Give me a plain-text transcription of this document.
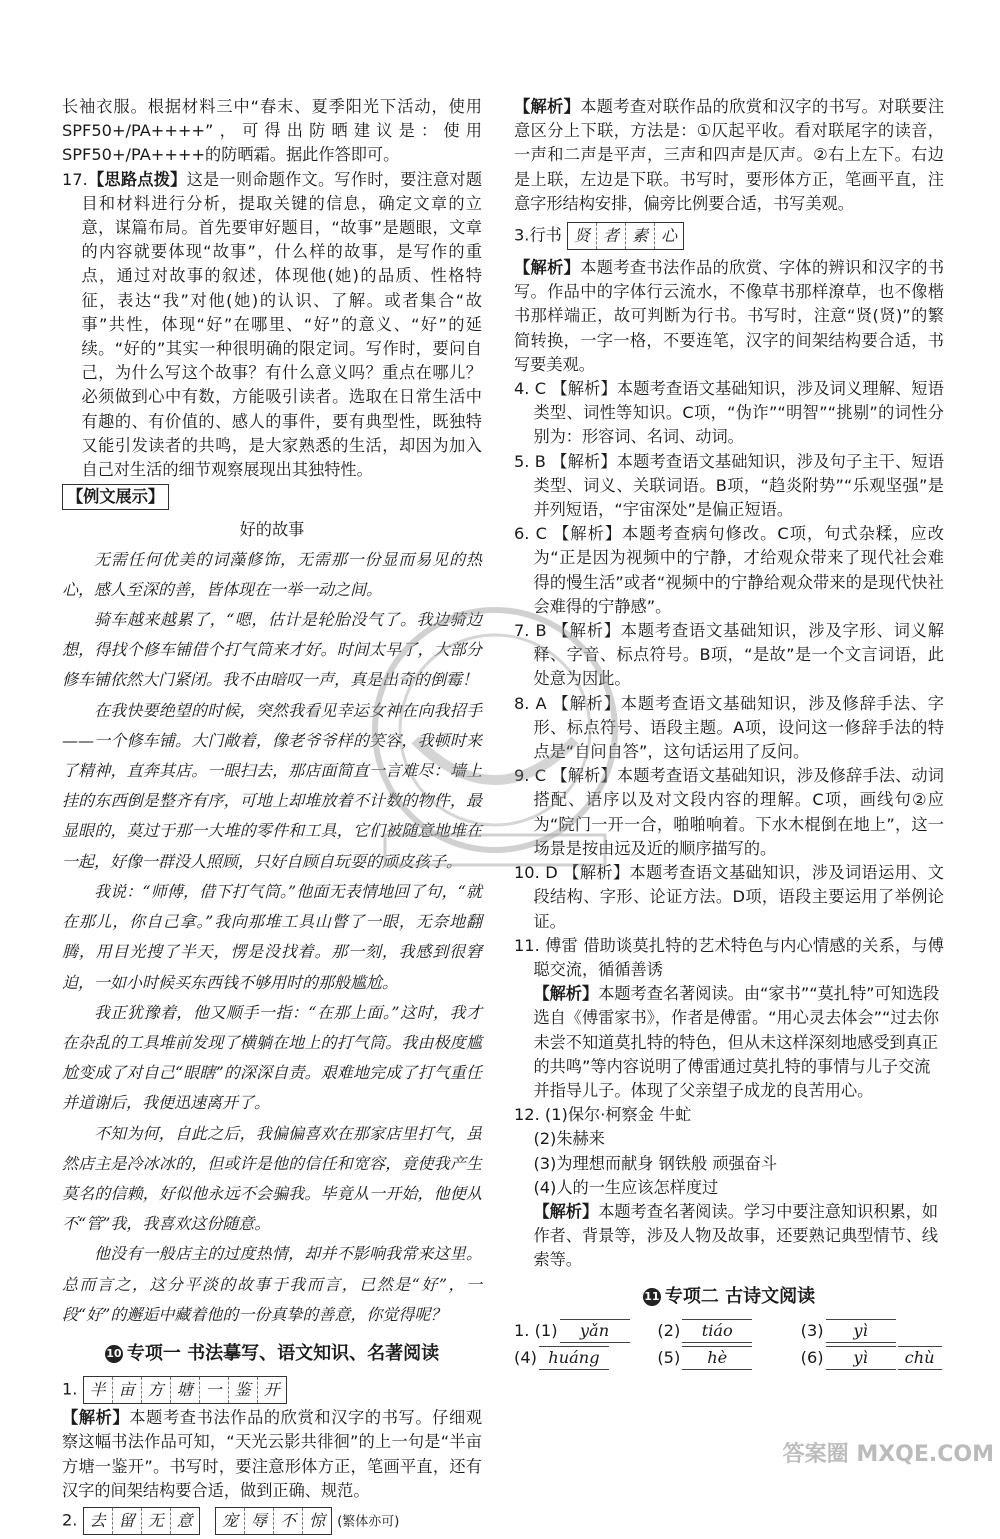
长袖衣服。根据材料三中“春末、夏季阳光下活动，使用SPF50+/PA++++”，可得出防晒建议是：使用SPF50+/PA++++的防晒霜。据此作答即可。

17.【思路点拨】这是一则命题作文。写作时，要注意对题目和材料进行分析，提取关键的信息，确定文章的立意，谋篇布局。首先要审好题目，“故事”是题眼，文章的内容就要体现“故事”，什么样的故事，是写作的重点，通过对故事的叙述，体现他(她)的品质、性格特征，表达“我”对他(她)的认识、了解。或者集合“故事”共性，体现“好”在哪里、“好”的意义、“好”的延续。“好的”其实一种很明确的限定词。写作时，要问自己，为什么写这个故事？有什么意义吗？重点在哪儿？必须做到心中有数，方能吸引读者。选取在日常生活中有趣的、有价值的、感人的事件，要有典型性，既独特又能引发读者的共鸣，是大家熟悉的生活，却因为加入自己对生活的细节观察展现出其独特性。

【例文展示】
好的故事

无需任何优美的词藻修饰，无需那一份显而易见的热心，感人至深的善，皆体现在一举一动之间。

骑车越来越累了，“嗯，估计是轮胎没气了。我边骑边想，得找个修车铺借个打气筒来才好。时间太早了，大部分修车铺依然大门紧闭。我不由暗叹一声，真是出奇的倒霉！

在我快要绝望的时候，突然我看见幸运女神在向我招手——一个修车铺。大门敞着，像老爷爷样的笑容，我顿时来了精神，直奔其店。一眼扫去，那店面简直一言难尽：墙上挂的东西倒是整齐有序，可地上却堆放着不计数的物件，最显眼的，莫过于那一大堆的零件和工具，它们被随意地堆在一起，好像一群没人照顾，只好自顾自玩耍的顽皮孩子。

我说：“师傅，借下打气筒。”他面无表情地回了句，“就在那儿，你自己拿。”我向那堆工具山瞥了一眼，无奈地翻腾，用目光搜了半天，愣是没找着。那一刻，我感到很窘迫，一如小时候买东西钱不够用时的那般尴尬。

我正犹豫着，他又顺手一指：“在那上面。”这时，我才在杂乱的工具堆前发现了横躺在地上的打气筒。我由极度尴尬变成了对自己“眼瞎”的深深自责。艰难地完成了打气重任并道谢后，我便迅速离开了。

不知为何，自此之后，我偏偏喜欢在那家店里打气，虽然店主是冷冰冰的，但或许是他的信任和宽容，竟使我产生莫名的信赖，好似他永远不会骗我。毕竟从一开始，他便从不“管”我，我喜欢这份随意。

他没有一般店主的过度热情，却并不影响我常来这里。总而言之，这分平淡的故事于我而言，已然是“好”，一段“好”的邂逅中藏着他的一份真挚的善意，你觉得呢？

10 专项一 书法摹写、语文知识、名著阅读
1. 半 亩 方 塘 一 鉴 开

【解析】本题考查书法作品的欣赏和汉字的书写。仔细观察这幅书法作品可知，“天光云影共徘徊”的上一句是“半亩方塘一鉴开”。书写时，要注意形体方正，笔画平直，还有汉字的间架结构要合适，做到正确、规范。

2. 去 留 无 意
	宠 辱 不 惊 (繁体亦可)

【解析】本题考查对联作品的欣赏和汉字的书写。对联要注意区分上下联，方法是：①仄起平收。看对联尾字的读音，一声和二声是平声，三声和四声是仄声。②右上左下。右边是上联，左边是下联。书写时，要形体方正，笔画平直，注意字形结构安排，偏旁比例要合适，书写美观。

3.行书 贤 者 素 心

【解析】本题考查书法作品的欣赏、字体的辨识和汉字的书写。作品中的字体行云流水，不像草书那样潦草，也不像楷书那样端正，故可判断为行书。书写时，注意“贤(贤)”的繁简转换，一字一格，不要连笔，汉字的间架结构要合适，书写要美观。

4. C 【解析】本题考查语文基础知识，涉及词义理解、短语类型、词性等知识。C项，“伪诈”“明智”“挑剔”的词性分别为：形容词、名词、动词。

5. B 【解析】本题考查语文基础知识，涉及句子主干、短语类型、词义、关联词语。B项，“趋炎附势”“乐观坚强”是并列短语，“宇宙深处”是偏正短语。

6. C 【解析】本题考查病句修改。C项，句式杂糅，应改为“正是因为视频中的宁静，才给观众带来了现代社会难得的慢生活”或者“视频中的宁静给观众带来的是现代快社会难得的宁静感”。

7. B 【解析】本题考查语文基础知识，涉及字形、词义解释、字音、标点符号。B项，“是故”是一个文言词语，此处意为因此。

8. A 【解析】本题考查语文基础知识，涉及修辞手法、字形、标点符号、语段主题。A项，设问这一修辞手法的特点是“自问自答”，这句话运用了反问。

9. C 【解析】本题考查语文基础知识，涉及修辞手法、动词搭配、语序以及对文段内容的理解。C项，画线句②应为“院门一开一合，啪啪响着。下水木棍倒在地上”，这一场景是按由远及近的顺序描写的。

10. D 【解析】本题考查语文基础知识，涉及词语运用、文段结构、字形、论证方法。D项，语段主要运用了举例论证。

11. 傅雷 借助谈莫扎特的艺术特色与内心情感的关系，与傅聪交流，循循善诱

【解析】本题考查名著阅读。由“家书”“莫扎特”可知选段选自《傅雷家书》，作者是傅雷。“用心灵去体会”“过去你未尝不知道莫扎特的特色，但从未这样深刻地感受到真正的共鸣”等内容说明了傅雷通过莫扎特的事情与儿子交流并指导儿子。体现了父亲望子成龙的良苦用心。

12. (1)保尔·柯察金 牛虻

(2)朱赫来

(3)为理想而献身 钢铁般 顽强奋斗

(4)人的一生应该怎样度过

【解析】本题考查名著阅读。学习中要注意知识积累，如作者、背景等，涉及人物及故事，还要熟记典型情节、线索等。

11 专项二 古诗文阅读
1. (1) yǎn	(2) tiáo	(3) yì
(4) huáng	(5) hè	(6) yì chù
答案圈 MXQE.COM
